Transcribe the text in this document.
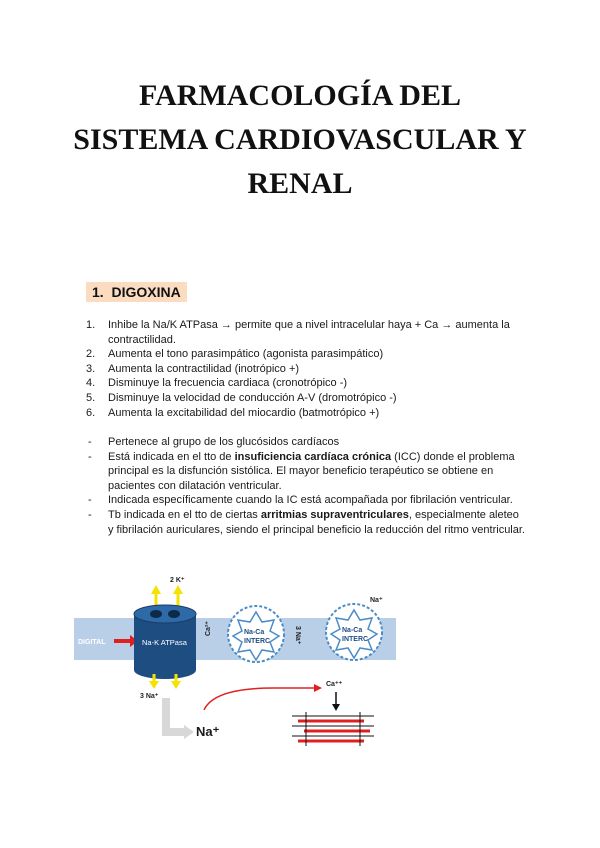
FARMACOLOGÍA DEL
SISTEMA CARDIOVASCULAR Y
RENAL
1. DIGOXINA
1. Inhibe la Na/K ATPasa → permite que a nivel intracelular haya + Ca → aumenta la contractilidad.
2. Aumenta el tono parasimpático (agonista parasimpático)
3. Aumenta la contractilidad (inotrópico +)
4. Disminuye la frecuencia cardiaca (cronotrópico -)
5. Disminuye la velocidad de conducción A-V (dromotrópico -)
6. Aumenta la excitabilidad del miocardio (batmotrópico +)
- Pertenece al grupo de los glucósidos cardíacos
- Está indicada en el tto de insuficiencia cardíaca crónica (ICC) donde el problema principal es la disfunción sistólica. El mayor beneficio terapéutico se obtiene en pacientes con dilatación ventricular.
- Indicada específicamente cuando la IC está acompañada por fibrilación ventricular.
- Tb indicada en el tto de ciertas arritmias supraventriculares, especialmente aleteo y fibrilación auriculares, siendo el principal beneficio la reducción del ritmo ventricular.
DIGITAL
2 K⁺
Na-K ATPasa
3 Na⁺
Na⁺
Na-Ca
INTERC
Ca²⁺	3 Na⁺	Na-Ca
INTERC
Na⁺
Ca⁺⁺
